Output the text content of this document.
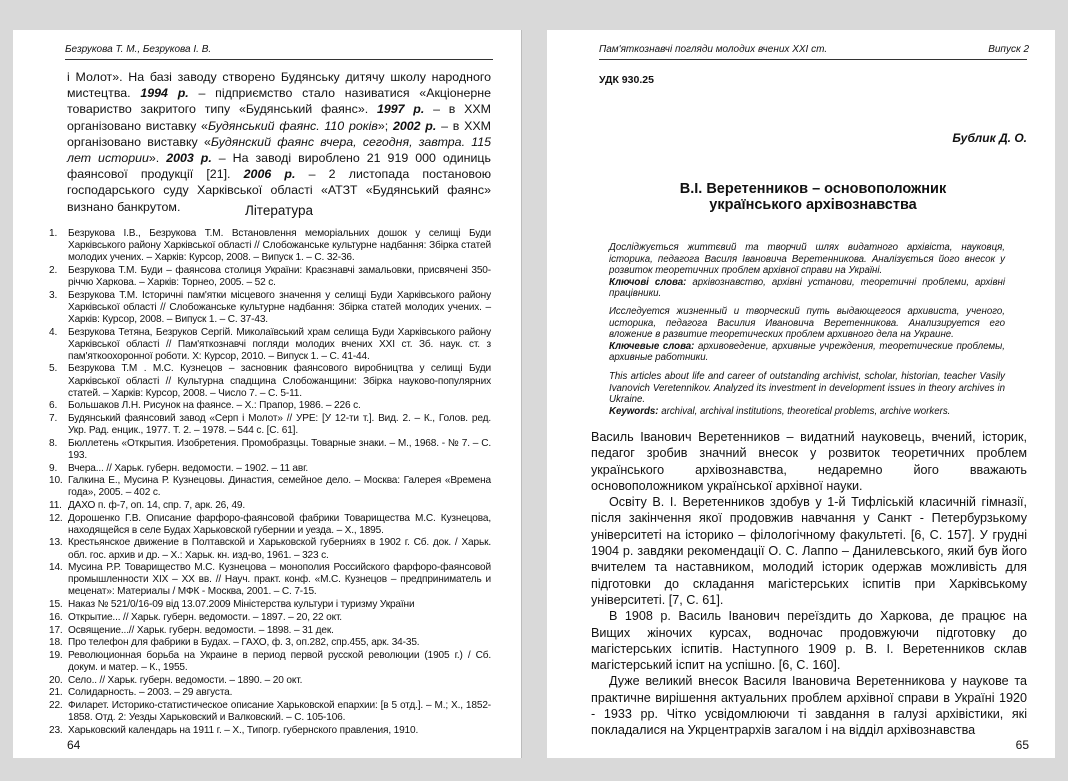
Безрукова Т. М., Безрукова І. В.

і Молот». На базі заводу створено Будянську дитячу школу народного мистецтва. 1994 р. – підприємство стало називатися «Акціонерне товариство закритого типу «Будянський фаянс». 1997 р. – в ХХМ організовано виставку «Будянський фаянс. 110 років»; 2002 р. – в ХХМ організовано виставку «Будянский фаянс вчера, сегодня, завтра. 115 лет истории». 2003 р. – На заводі вироблено 21 919 000 одиниць фаянсової продукції [21]. 2006 р. – 2 листопада постановою господарського суду Харківської області «АТЗТ «Будянський фаянс» визнано банкрутом.	Література
1.	Безрукова І.В., Безрукова Т.М. Встановлення меморіальних дошок у селищі Буди Харківського району Харківської області // Слобожанське культурне надбання: Збірка статей молодих учених. – Харків: Курсор, 2008. – Випуск 1. – С. 32-36.
2.	Безрукова Т.М. Буди – фаянсова столиця України: Краєзнавчі замальовки, присвячені 350-річчю Харкова. – Харків: Торнео, 2005. – 52 с.
3.	Безрукова Т.М. Історичні пам'ятки місцевого значення у селищі Буди Харківського району Харківської області // Слобожанське культурне надбання: Збірка статей молодих учених. – Харків: Курсор, 2008. – Випуск 1. – С. 37-43.
4.	Безрукова Тетяна, Безруков Сергій. Миколаївський храм селища Буди Харківського району Харківської області // Пам'яткознавчі погляди молодих вчених ХХІ ст. Зб. наук. ст. з пам'яткоохоронної роботи. Х: Курсор, 2010. – Випуск 1. – С. 41-44.
5.	Безрукова Т.М . М.С. Кузнецов – засновник фаянсового виробництва у селищі Буди Харківської області // Культурна спадщина Слобожанщини: Збірка науково-популярних статей. – Харків: Курсор, 2008. – Число 7. – С. 5-11.
6.	Большаков Л.Н. Рисунок на фаянсе. – Х.: Прапор, 1986. – 226 с.
7.	Будянський фаянсовий завод «Серп і Молот» // УРЕ: [У 12-ти т.]. Вид. 2. – К., Голов. ред. Укр. Рад. енцик., 1977. Т. 2. – 1978. – 544 с. [С. 61].
8.	Бюллетень «Открытия. Изобретения. Промобразцы. Товарные знаки. – М., 1968. - № 7. – С. 193.
9.	Вчера... // Харьк. губерн. ведомости. – 1902. – 11 авг.
10. Галкина Е., Мусина Р. Кузнецовы. Династия, семейное дело. – Москва: Галерея «Времена года», 2005. – 402 с.
11. ДАХО п. ф-7, оп. 14, спр. 7, арк. 26, 49.
12. Дорошенко Г.В. Описание фарфоро-фаянсовой фабрики Товарищества М.С. Кузнецова, находящейся в селе Будах Харьковской губернии и уезда. – Х., 1895.
13. Крестьянское движение в Полтавской и Харьковской губерниях в 1902 г. Сб. док. / Харьк. обл. гос. архив и др. – Х.: Харьк. кн. изд-во, 1961. – 323 с.
14. Мусина Р.Р. Товарищество М.С. Кузнецова – монополия Российского фарфоро-фаянсовой промышленности XIX – XX вв. // Науч. практ. конф. «М.С. Кузнецов – предприниматель и меценат»: Материалы / МФК - Москва, 2001. – С. 7-15.
15. Наказ № 521/0/16-09 від 13.07.2009 Міністерства культури і туризму України
16. Открытие... // Харьк. губерн. ведомости. – 1897. – 20, 22 окт.
17. Освящение...// Харьк. губерн. ведомости. – 1898. – 31 дек.
18. Про телефон для фабрики в Будах. – ГАХО, ф. 3, оп.282, спр.455, арк. 34-35.
19. Революционная борьба на Украине в период первой русской революции (1905 г.) / Сб. докум. и матер. – К., 1955.
20. Село.. // Харьк. губерн. ведомости. – 1890. – 20 окт.
21. Солидарность. – 2003. – 29 августа.
22. Филарет. Историко-статистическое описание Харьковской епархии: [в 5 отд.]. – М.; Х., 1852-1858. Отд. 2: Уезды Харьковский и Валковский. – С. 105-106.
23. Харьковский календарь на 1911 г. – Х., Типогр. губернского правления, 1910.
64
Пам'яткознавчі погляди молодих вчених ХХІ ст.	Випуск 2
УДК 930.25
Бублик Д. О.
В.І. Веретенников – основоположник
українського архівознавства

Досліджується життєвий та творчий шлях видатного архівіста, науковця, історика, педагога Василя Івановича Веретенникова. Аналізується його внесок у розвиток теоретичних проблем архівної справи на Україні.

Ключові слова: архівознавство, архівні установи, теоретичні проблеми, архівні працівники.

Исследуется жизненный и творческий путь выдающегося архивиста, ученого, историка, педагога Василия Ивановича Веретенникова. Анализируется его вложение в развитие теоретических проблем архивного дела на Украине.

Ключевые слова: архивоведение, архивные учреждения, теоретические проблемы, архивные работники.

This articles about life and career of outstanding archivist, scholar, historian, teacher Vasily Ivanovich Veretennikov. Analyzed its investment in development issues in theory archives in Ukraine.

Keywords: archival, archival institutions, theoretical problems, archive workers.

Василь Іванович Веретенников – видатний науковець, вчений, історик, педагог зробив значний внесок у розвиток теоретичних проблем українського архівознавства, недаремно його вважають основоположником української архівної науки.

Освіту В. І. Веретенников здобув у 1-й Тифліській класичній гімназії, після закінчення якої продовжив навчання у Санкт - Петербурзькому університеті на історико – філологічному факультеті. [6, С. 157]. У грудні 1904 р. завдяки рекомендації О. С. Лаппо – Данилевського, який був його вчителем та наставником, молодий історик одержав можливість для підготовки до складання магістерських іспитів при Харківському університеті. [7, С. 61].

В 1908 р. Василь Іванович переїздить до Харкова, де працює на Вищих жіночих курсах, водночас продовжуючи підготовку до магістерських іспитів. Наступного 1909 р. В. І. Веретенников склав магістерський іспит на успішно. [6, С. 160].

Дуже великий внесок Василя Івановича Веретенникова у наукове та практичне вирішення актуальних проблем архівної справи в Україні 1920 - 1933 рр. Чітко усвідомлюючи ті завдання в галузі архівістики, які покладалися на Укрцентрархів загалом і на відділ архівознавства

65
